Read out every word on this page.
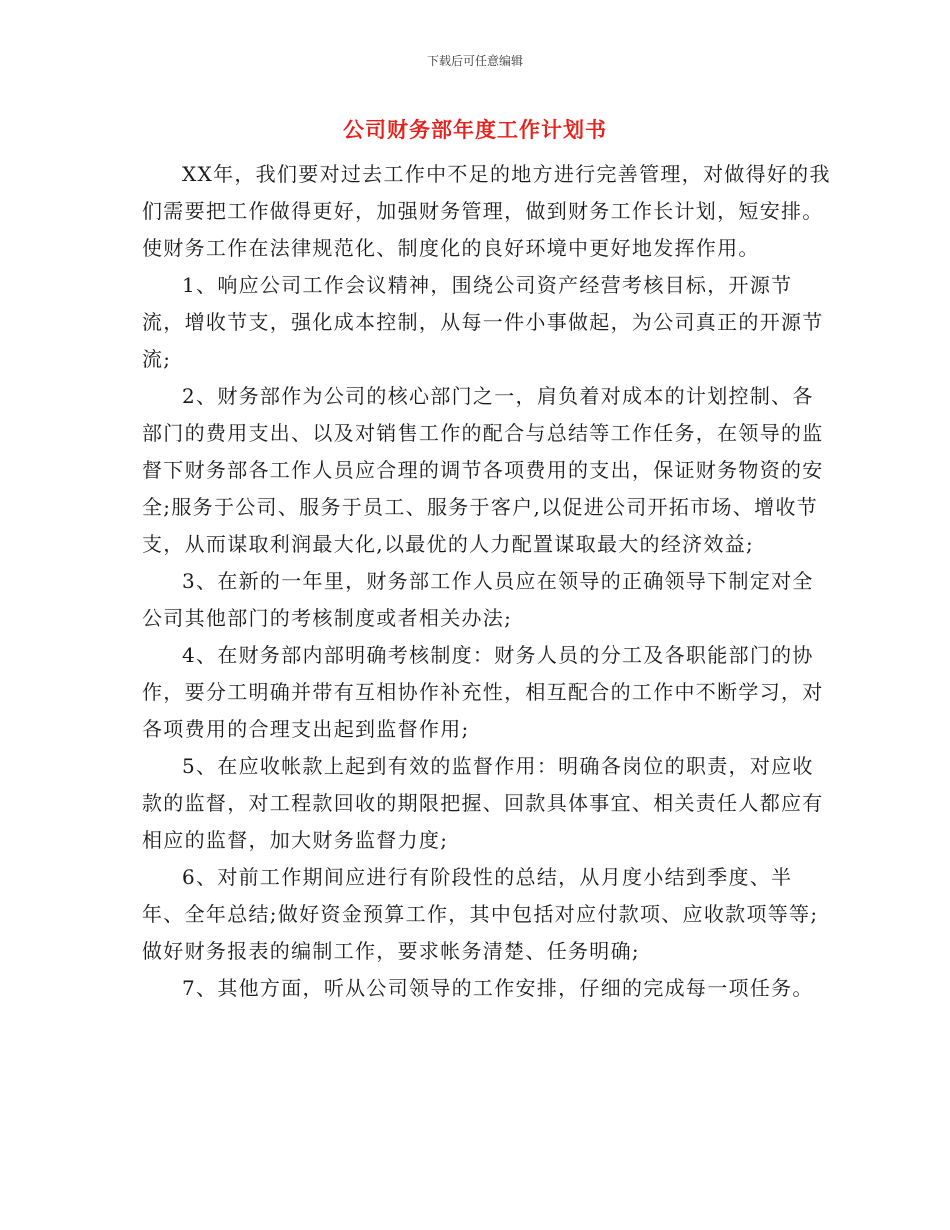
下载后可任意编辑
公司财务部年度工作计划书

XX年，我们要对过去工作中不足的地方进行完善管理，对做得好的我们需要把工作做得更好，加强财务管理，做到财务工作长计划，短安排。使财务工作在法律规范化、制度化的良好环境中更好地发挥作用。

1、响应公司工作会议精神，围绕公司资产经营考核目标，开源节流，增收节支，强化成本控制，从每一件小事做起，为公司真正的开源节流;

2、财务部作为公司的核心部门之一，肩负着对成本的计划控制、各部门的费用支出、以及对销售工作的配合与总结等工作任务，在领导的监督下财务部各工作人员应合理的调节各项费用的支出，保证财务物资的安全;服务于公司、服务于员工、服务于客户,以促进公司开拓市场、增收节支，从而谋取利润最大化,以最优的人力配置谋取最大的经济效益;

3、在新的一年里，财务部工作人员应在领导的正确领导下制定对全公司其他部门的考核制度或者相关办法;

4、在财务部内部明确考核制度：财务人员的分工及各职能部门的协作，要分工明确并带有互相协作补充性，相互配合的工作中不断学习，对各项费用的合理支出起到监督作用;

5、在应收帐款上起到有效的监督作用：明确各岗位的职责，对应收款的监督，对工程款回收的期限把握、回款具体事宜、相关责任人都应有相应的监督，加大财务监督力度;

6、对前工作期间应进行有阶段性的总结，从月度小结到季度、半年、全年总结;做好资金预算工作，其中包括对应付款项、应收款项等等;做好财务报表的编制工作，要求帐务清楚、任务明确;

7、其他方面，听从公司领导的工作安排，仔细的完成每一项任务。
